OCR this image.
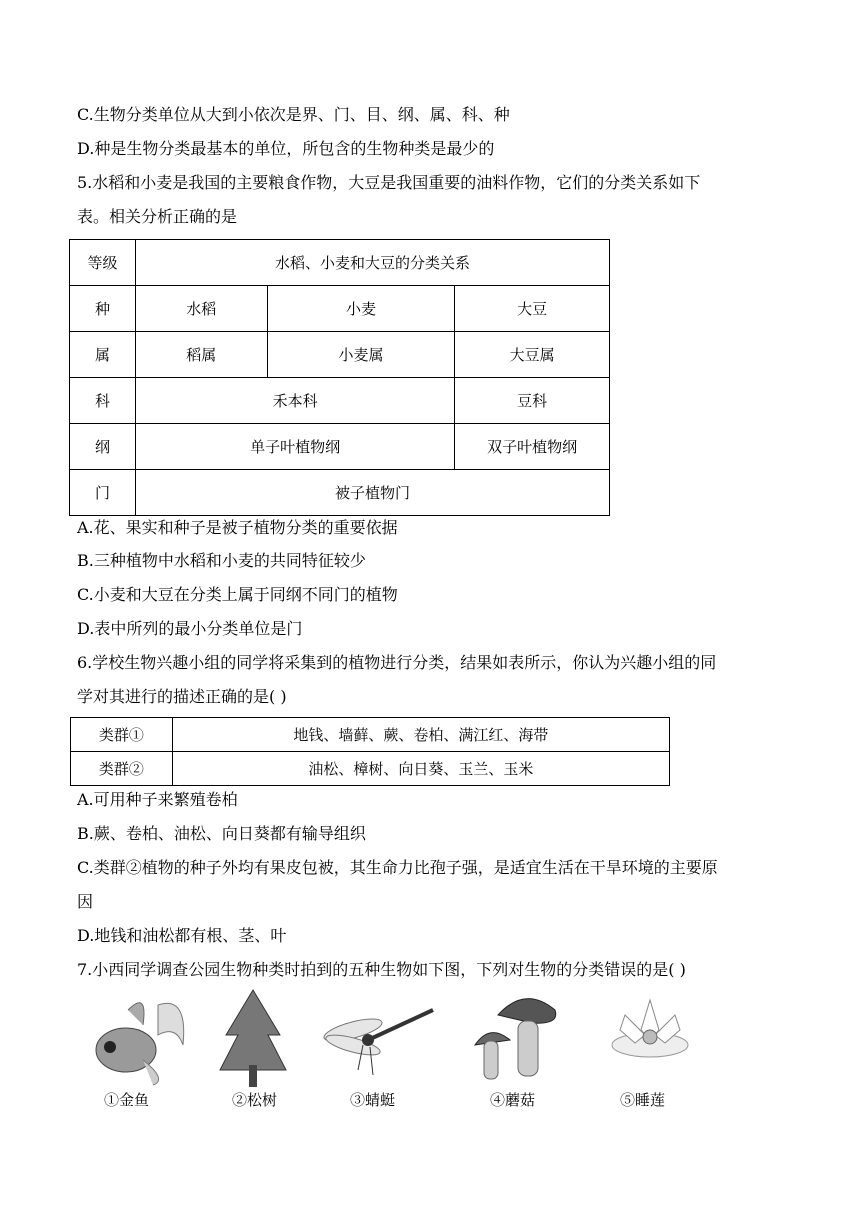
C.生物分类单位从大到小依次是界、门、目、纲、属、科、种
D.种是生物分类最基本的单位，所包含的生物种类是最少的
5.水稻和小麦是我国的主要粮食作物，大豆是我国重要的油料作物，它们的分类关系如下
表。相关分析正确的是
等级	水稻、小麦和大豆的分类关系		
种	水稻	小麦	大豆
属	稻属	小麦属	大豆属
科	禾本科		豆科
纲	单子叶植物纲		双子叶植物纲
门	被子植物门		
A.花、果实和种子是被子植物分类的重要依据
B.三种植物中水稻和小麦的共同特征较少
C.小麦和大豆在分类上属于同纲不同门的植物
D.表中所列的最小分类单位是门
6.学校生物兴趣小组的同学将采集到的植物进行分类，结果如表所示，你认为兴趣小组的同
学对其进行的描述正确的是( )
类群①	地钱、墙藓、蕨、卷柏、满江红、海带
类群②	油松、樟树、向日葵、玉兰、玉米
A.可用种子来繁殖卷柏
B.蕨、卷柏、油松、向日葵都有输导组织
C.类群②植物的种子外均有果皮包被，其生命力比孢子强，是适宜生活在干旱环境的主要原
因
D.地钱和油松都有根、茎、叶
7.小西同学调查公园生物种类时拍到的五种生物如下图，下列对生物的分类错误的是( )
①金鱼	②松树	③蜻蜓	④蘑菇	⑤睡莲
